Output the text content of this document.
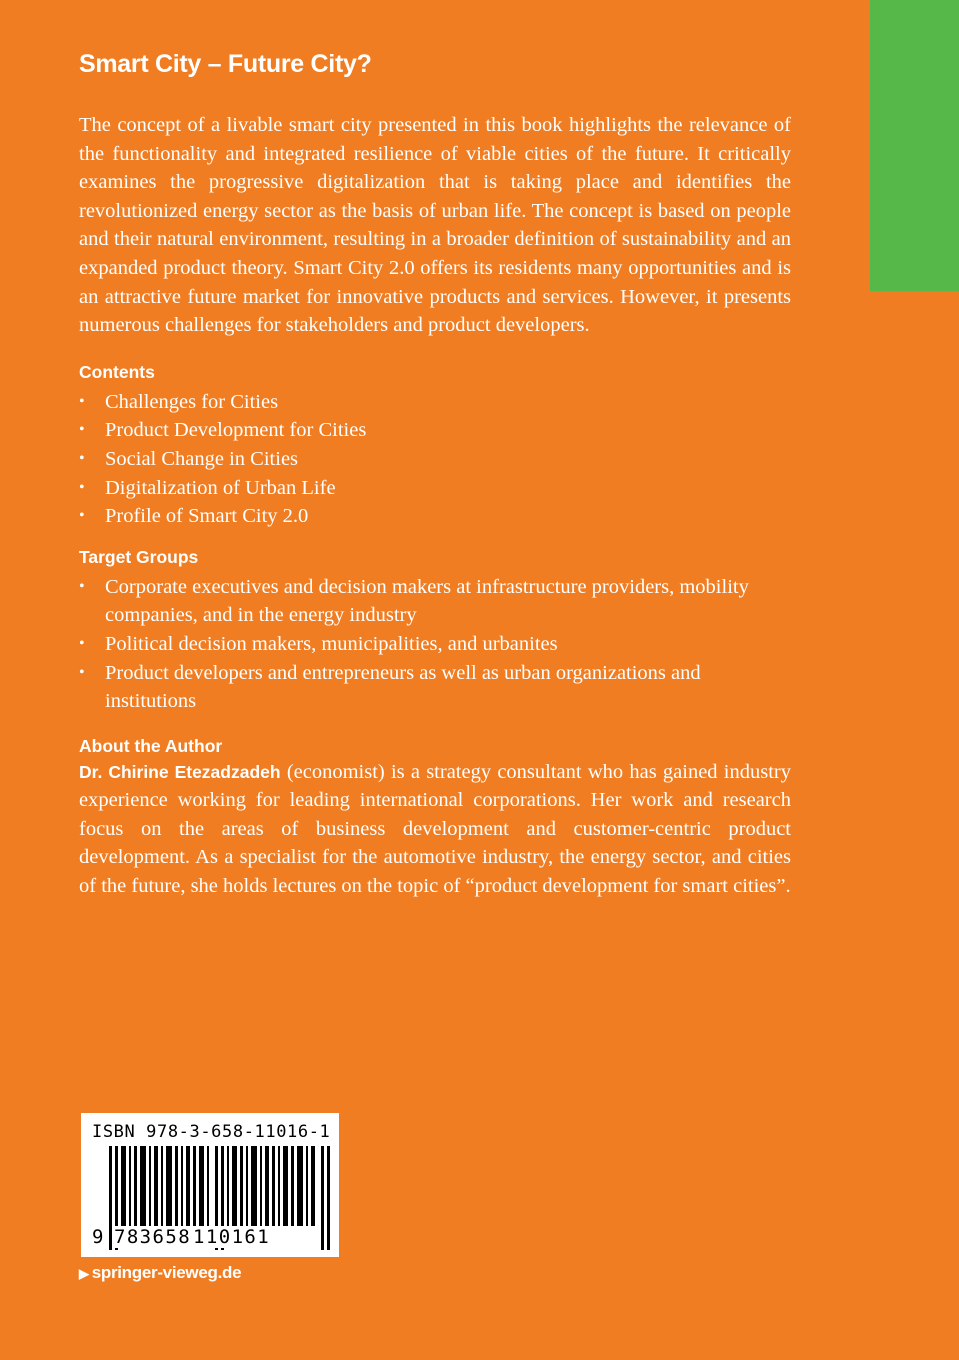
Smart City – Future City?

The concept of a livable smart city presented in this book highlights the relevance of the functionality and integrated resilience of viable cities of the future. It critically examines the progressive digitalization that is taking place and identifies the revolutionized energy sector as the basis of urban life. The concept is based on people and their natural environment, resulting in a broader definition of sustainability and an expanded product theory. Smart City 2.0 offers its residents many opportunities and is an attractive future market for innovative products and services. However, it presents numerous challenges for stakeholders and product developers.

Contents
• Challenges for Cities
• Product Development for Cities
• Social Change in Cities
• Digitalization of Urban Life
• Profile of Smart City 2.0
Target Groups
• Corporate executives and decision makers at infrastructure providers, mobility companies, and in the energy industry
• Political decision makers, municipalities, and urbanites
• Product developers and entrepreneurs as well as urban organizations and institutions
About the Author

Dr. Chirine Etezadzadeh (economist) is a strategy consultant who has gained industry experience working for leading international corporations. Her work and research focus on the areas of business development and customer-centric product development. As a specialist for the automotive industry, the energy sector, and cities of the future, she holds lectures on the topic of “product development for smart cities”.

ISBN 978-3-658-11016-1
9 783658 110161
▶ springer-vieweg.de
